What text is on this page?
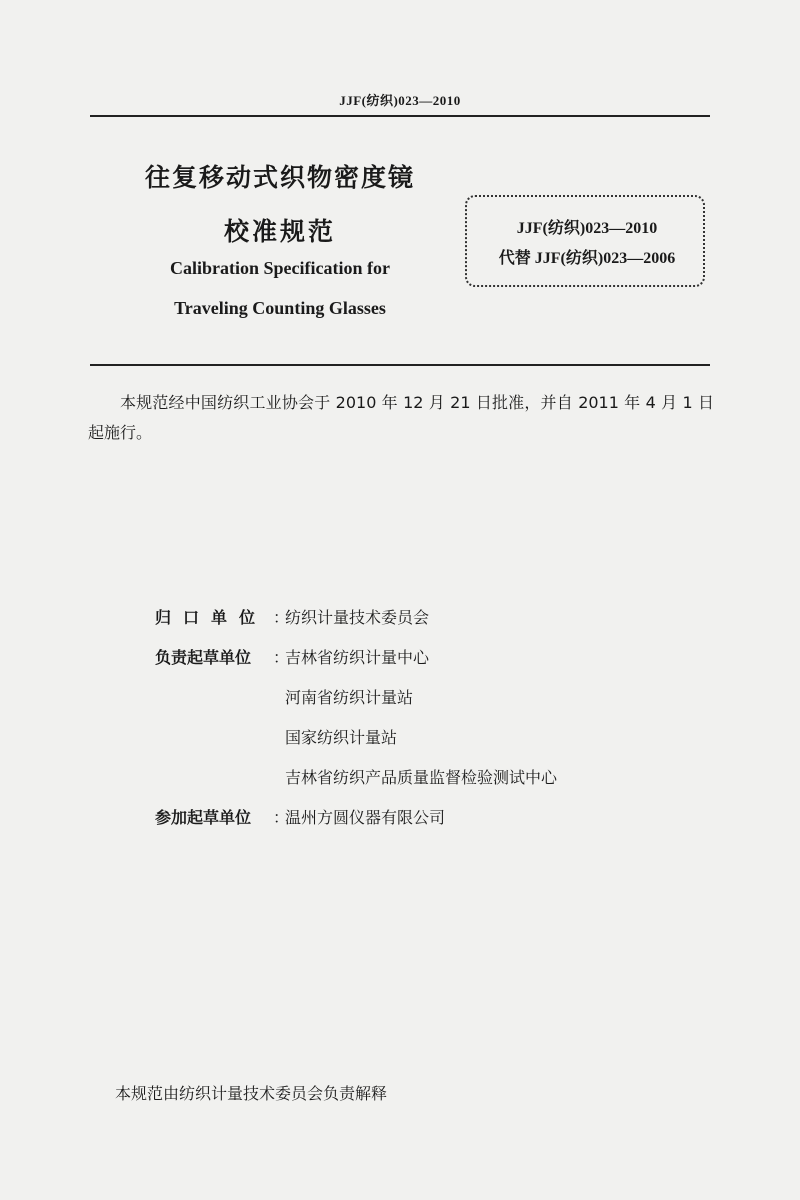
JJF(纺织)023—2010
往复移动式织物密度镜
校准规范
Calibration Specification for
Traveling Counting Glasses
JJF(纺织)023—2010
代替 JJF(纺织)023—2006
本规范经中国纺织工业协会于 2010 年 12 月 21 日批准，并自 2011 年 4 月 1 日起施行。
归口单位 ：
纺织计量技术委员会
负责起草单位	：
吉林省纺织计量中心
河南省纺织计量站
国家纺织计量站
吉林省纺织产品质量监督检验测试中心
参加起草单位	：
温州方圆仪器有限公司
本规范由纺织计量技术委员会负责解释
